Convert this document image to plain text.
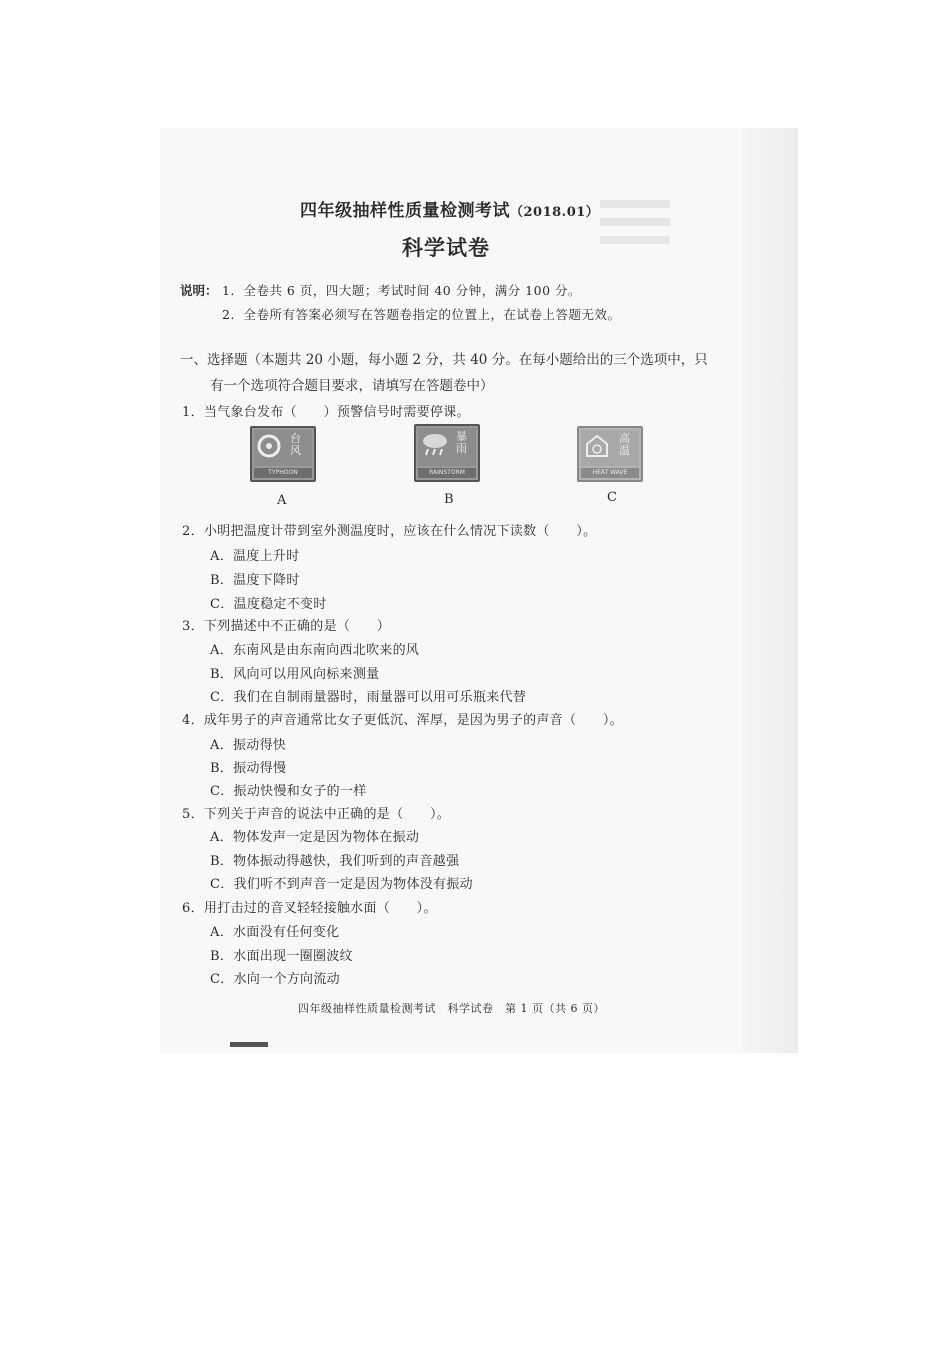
四年级抽样性质量检测考试（2018.01）
科学试卷
说明： 1．全卷共 6 页，四大题；考试时间 40 分钟，满分 100 分。
2．全卷所有答案必须写在答题卷指定的位置上，在试卷上答题无效。
一、选择题（本题共 20 小题，每小题 2 分，共 40 分。在每小题给出的三个选项中，只
有一个选项符合题目要求，请填写在答题卷中）
1．当气象台发布（　　）预警信号时需要停课。
台
风
TYPHOON
A
暴
雨
RAINSTORM
B
高
温
HEAT WAVE
C
2．小明把温度计带到室外测温度时，应该在什么情况下读数（　　）。
A．温度上升时
B．温度下降时
C．温度稳定不变时
3．下列描述中不正确的是（　　）
A．东南风是由东南向西北吹来的风
B．风向可以用风向标来测量
C．我们在自制雨量器时，雨量器可以用可乐瓶来代替
4．成年男子的声音通常比女子更低沉、浑厚，是因为男子的声音（　　）。
A．振动得快
B．振动得慢
C．振动快慢和女子的一样
5．下列关于声音的说法中正确的是（　　）。
A．物体发声一定是因为物体在振动
B．物体振动得越快，我们听到的声音越强
C．我们听不到声音一定是因为物体没有振动
6．用打击过的音叉轻轻接触水面（　　）。
A．水面没有任何变化
B．水面出现一圈圈波纹
C．水向一个方向流动
四年级抽样性质量检测考试　科学试卷　第 1 页（共 6 页）
